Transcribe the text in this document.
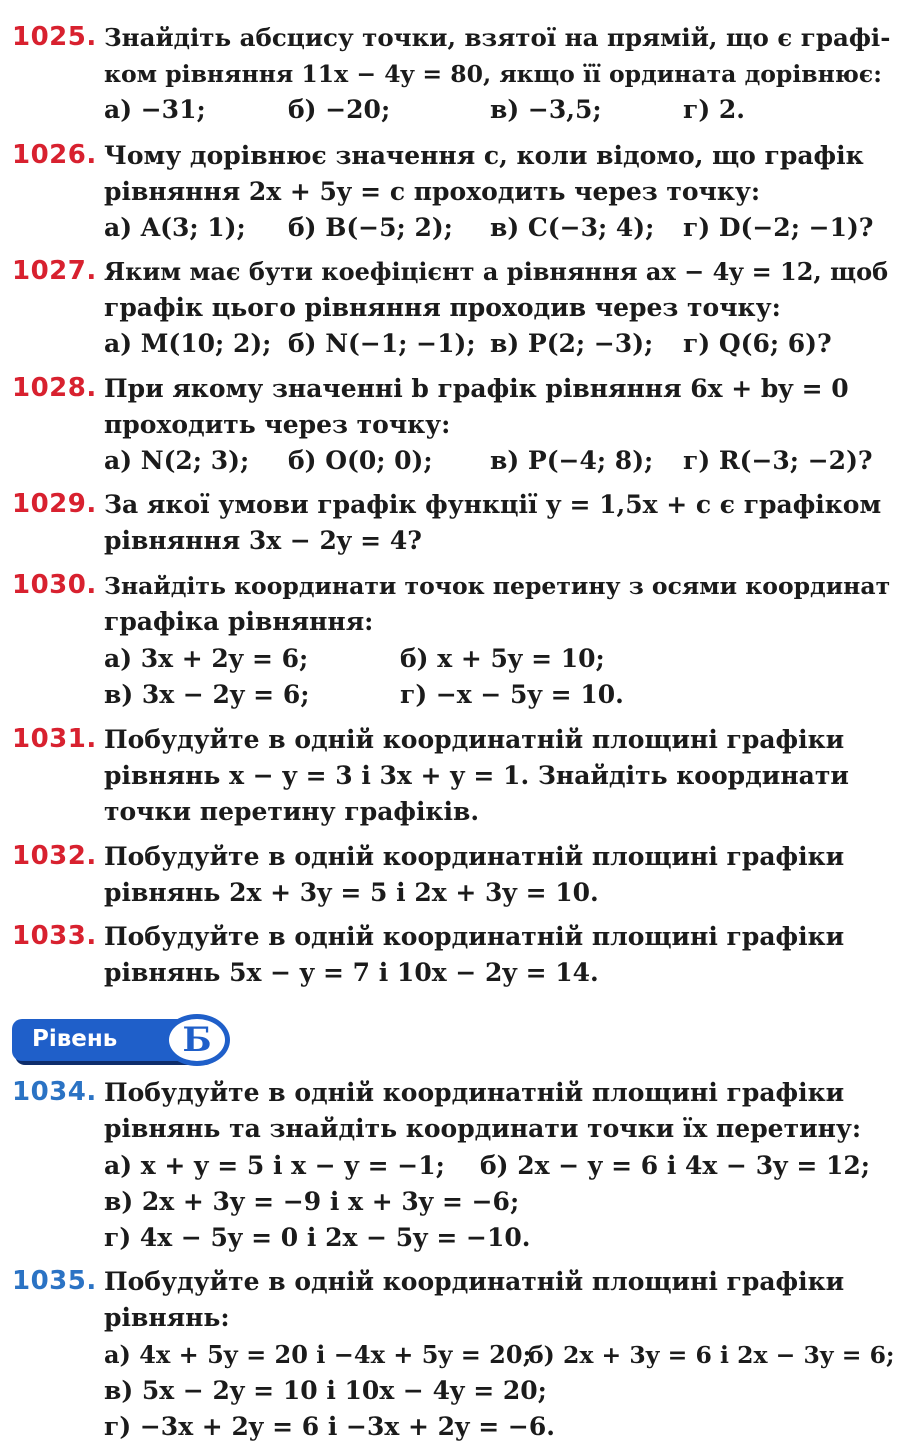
1025. Знайдіть абсцису точки, взятої на прямій, що є графі-
ком рівняння 11x − 4y = 80, якщо її ордината дорівнює:
а) −31;	б) −20;	в) −3,5;	г) 2.
1026. Чому дорівнює значення c, коли відомо, що графік
рівняння 2x + 5y = c проходить через точку:
а) A(3; 1); б) B(−5; 2); в) C(−3; 4); г) D(−2; −1)?
1027. Яким має бути коефіцієнт a рівняння ax − 4y = 12, щоб
графік цього рівняння проходив через точку:
а) M(10; 2); б) N(−1; −1); в) P(2; −3); г) Q(6; 6)?
1028. При якому значенні b графік рівняння 6x + by = 0
проходить через точку:
а) N(2; 3); б) O(0; 0); в) P(−4; 8); г) R(−3; −2)?
1029. За якої умови графік функції y = 1,5x + c є графіком
рівняння 3x − 2y = 4?
1030. Знайдіть координати точок перетину з осями координат
графіка рівняння:
а) 3x + 2y = 6;	б) x + 5y = 10;
в) 3x − 2y = 6;	г) −x − 5y = 10.
1031. Побудуйте в одній координатній площині графіки
рівнянь x − y = 3 і 3x + y = 1. Знайдіть координати
точки перетину графіків.
1032. Побудуйте в одній координатній площині графіки
рівнянь 2x + 3y = 5 і 2x + 3y = 10.
1033. Побудуйте в одній координатній площині графіки
рівнянь 5x − y = 7 і 10x − 2y = 14.
Рівень	Б
1034. Побудуйте в одній координатній площині графіки
рівнянь та знайдіть координати точки їх перетину:
а) x + y = 5 і x − y = −1; б) 2x − y = 6 і 4x − 3y = 12;
в) 2x + 3y = −9 і x + 3y = −6;
г) 4x − 5y = 0 і 2x − 5y = −10.
1035. Побудуйте в одній координатній площині графіки
рівнянь:
а) 4x + 5y = 20 і −4x + 5y = 20;
б) 2x + 3y = 6 і 2x − 3y = 6;
в) 5x − 2y = 10 і 10x − 4y = 20;
г) −3x + 2y = 6 і −3x + 2y = −6.
